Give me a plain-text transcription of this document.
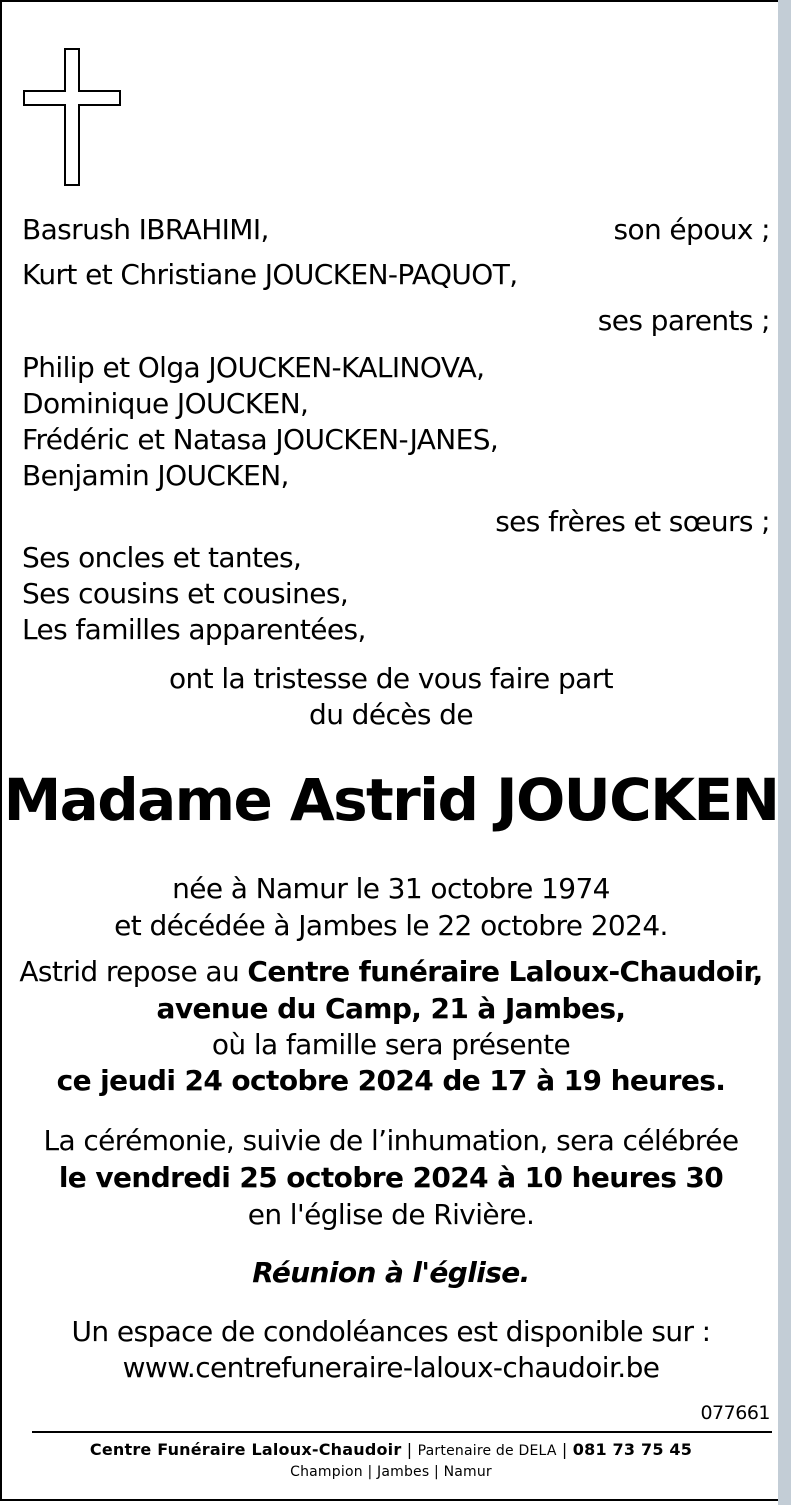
Basrush IBRAHIMI,	son époux ;
Kurt et Christiane JOUCKEN-PAQUOT,
ses parents ;
Philip et Olga JOUCKEN-KALINOVA,
Dominique JOUCKEN,
Frédéric et Natasa JOUCKEN-JANES,
Benjamin JOUCKEN,
ses frères et sœurs ;
Ses oncles et tantes,
Ses cousins et cousines,
Les familles apparentées,
ont la tristesse de vous faire part
du décès de
Madame Astrid JOUCKEN
née à Namur le 31 octobre 1974
et décédée à Jambes le 22 octobre 2024.
Astrid repose au Centre funéraire Laloux-Chaudoir,
avenue du Camp, 21 à Jambes,
où la famille sera présente
ce jeudi 24 octobre 2024 de 17 à 19 heures.
La cérémonie, suivie de l’inhumation, sera célébrée
le vendredi 25 octobre 2024 à 10 heures 30
en l'église de Rivière.
Réunion à l'église.
Un espace de condoléances est disponible sur :
www.centrefuneraire-laloux-chaudoir.be
077661
Centre Funéraire Laloux-Chaudoir | Partenaire de DELA | 081 73 75 45
Champion | Jambes | Namur
